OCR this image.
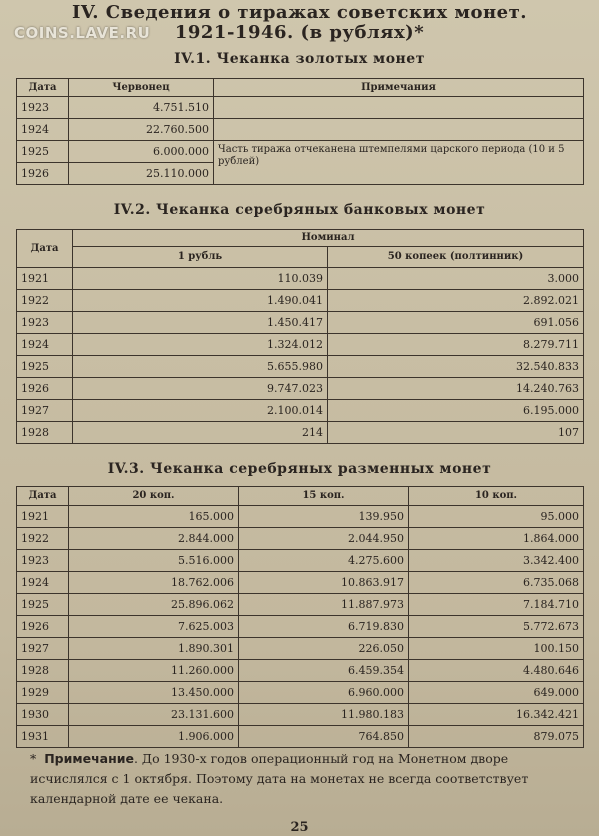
IV. Сведения о тиражах советских монет.
1921-1946. (в рублях)*
COINS.LAVE.RU
IV.1. Чеканка золотых монет
Дата	Червонец	Примечания
1923	4.751.510	
1924	22.760.500	
1925	6.000.000	Часть тиража отчеканена штемпелями царского периода (10 и 5 рублей)
1926	25.110.000	
IV.2. Чеканка серебряных банковых монет
Дата	Номинал	
	1 рубль	50 копеек (полтинник)
1921	110.039	3.000
1922	1.490.041	2.892.021
1923	1.450.417	691.056
1924	1.324.012	8.279.711
1925	5.655.980	32.540.833
1926	9.747.023	14.240.763
1927	2.100.014	6.195.000
1928	214	107
IV.3. Чеканка серебряных разменных монет
Дата	20 коп.	15 коп.	10 коп.
1921	165.000	139.950	95.000
1922	2.844.000	2.044.950	1.864.000
1923	5.516.000	4.275.600	3.342.400
1924	18.762.006	10.863.917	6.735.068
1925	25.896.062	11.887.973	7.184.710
1926	7.625.003	6.719.830	5.772.673
1927	1.890.301	226.050	100.150
1928	11.260.000	6.459.354	4.480.646
1929	13.450.000	6.960.000	649.000
1930	23.131.600	11.980.183	16.342.421
1931	1.906.000	764.850	879.075
* Примечание. До 1930-х годов операционный год на Монетном дворе исчислялся с 1 октября. Поэтому дата на монетах не всегда соответствует календарной дате ее чекана.
25
